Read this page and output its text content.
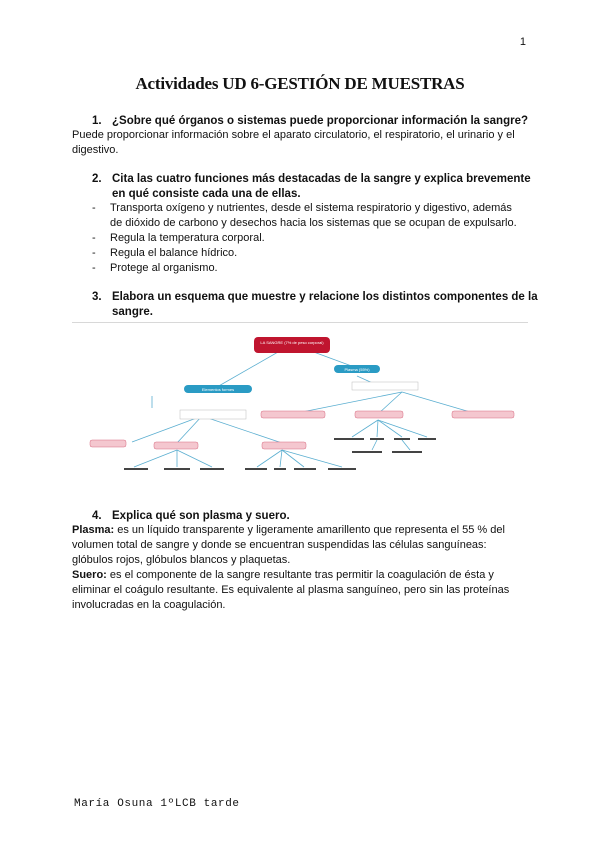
1
Actividades UD 6-GESTIÓN DE MUESTRAS
1. ¿Sobre qué órganos o sistemas puede proporcionar información la sangre?
Puede proporcionar información sobre el aparato circulatorio, el respiratorio, el urinario y el
digestivo.
2. Cita las cuatro funciones más destacadas de la sangre y explica brevemente
en qué consiste cada una de ellas.
- Transporta oxígeno y nutrientes, desde el sistema respiratorio y digestivo, además
de dióxido de carbono y desechos hacia los sistemas que se ocupan de expulsarlo.
- Regula la temperatura corporal.
- Regula el balance hídrico.
- Protege al organismo.
3. Elabora un esquema que muestre y relacione los distintos componentes de la
sangre.
LA SANGRE (7% de peso corporal)
Elementos formes
Plasma (55%)
4. Explica qué son plasma y suero.
Plasma: es un líquido transparente y ligeramente amarillento que representa el 55 % del
volumen total de sangre y donde se encuentran suspendidas las células sanguíneas:
glóbulos rojos, glóbulos blancos y plaquetas.
Suero: es el componente de la sangre resultante tras permitir la coagulación de ésta y
eliminar el coágulo resultante. Es equivalente al plasma sanguíneo, pero sin las proteínas
involucradas en la coagulación.
María Osuna 1ºLCB tarde
